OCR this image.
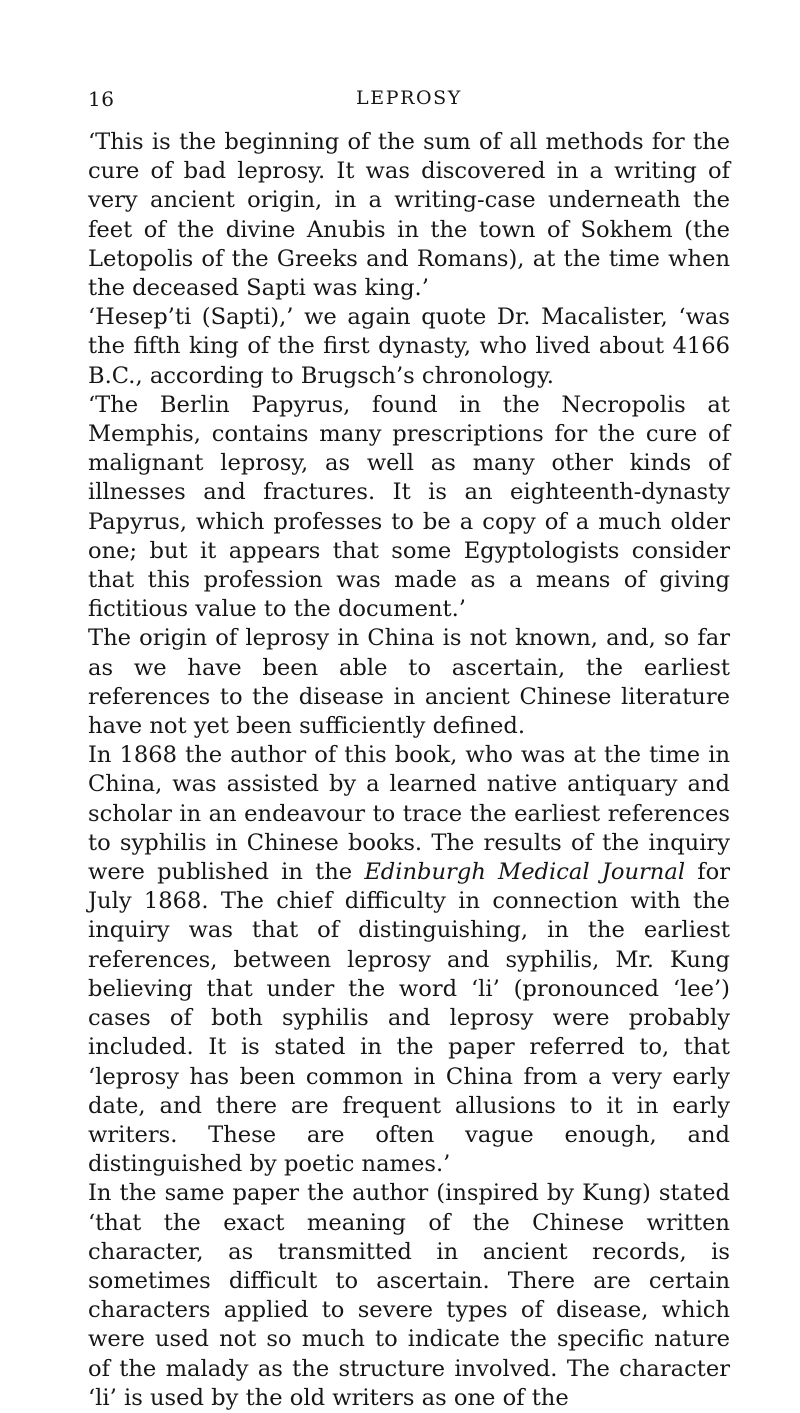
16	LEPROSY

‘This is the beginning of the sum of all methods for the cure of bad leprosy. It was discovered in a writing of very ancient origin, in a writing-case underneath the feet of the divine Anubis in the town of Sokhem (the Letopolis of the Greeks and Romans), at the time when the deceased Sapti was king.’

‘Hesep’ti (Sapti),’ we again quote Dr. Macalister, ‘was the fifth king of the first dynasty, who lived about 4166 B.C., according to Brugsch’s chronology.

‘The Berlin Papyrus, found in the Necropolis at Memphis, contains many prescriptions for the cure of malignant leprosy, as well as many other kinds of illnesses and fractures. It is an eighteenth-dynasty Papyrus, which professes to be a copy of a much older one; but it appears that some Egyptologists consider that this profession was made as a means of giving fictitious value to the document.’

The origin of leprosy in China is not known, and, so far as we have been able to ascertain, the earliest references to the disease in ancient Chinese literature have not yet been sufficiently defined.

In 1868 the author of this book, who was at the time in China, was assisted by a learned native antiquary and scholar in an endeavour to trace the earliest references to syphilis in Chinese books. The results of the inquiry were published in the Edinburgh Medical Journal for July 1868. The chief difficulty in connection with the inquiry was that of distinguishing, in the earliest references, between leprosy and syphilis, Mr. Kung believing that under the word ‘li’ (pronounced ‘lee’) cases of both syphilis and leprosy were probably included. It is stated in the paper referred to, that ‘leprosy has been common in China from a very early date, and there are frequent allusions to it in early writers. These are often vague enough, and distinguished by poetic names.’

In the same paper the author (inspired by Kung) stated ‘that the exact meaning of the Chinese written character, as transmitted in ancient records, is sometimes difficult to ascertain. There are certain characters applied to severe types of disease, which were used not so much to indicate the specific nature of the malady as the structure involved. The character ‘li’ is used by the old writers as one of the
